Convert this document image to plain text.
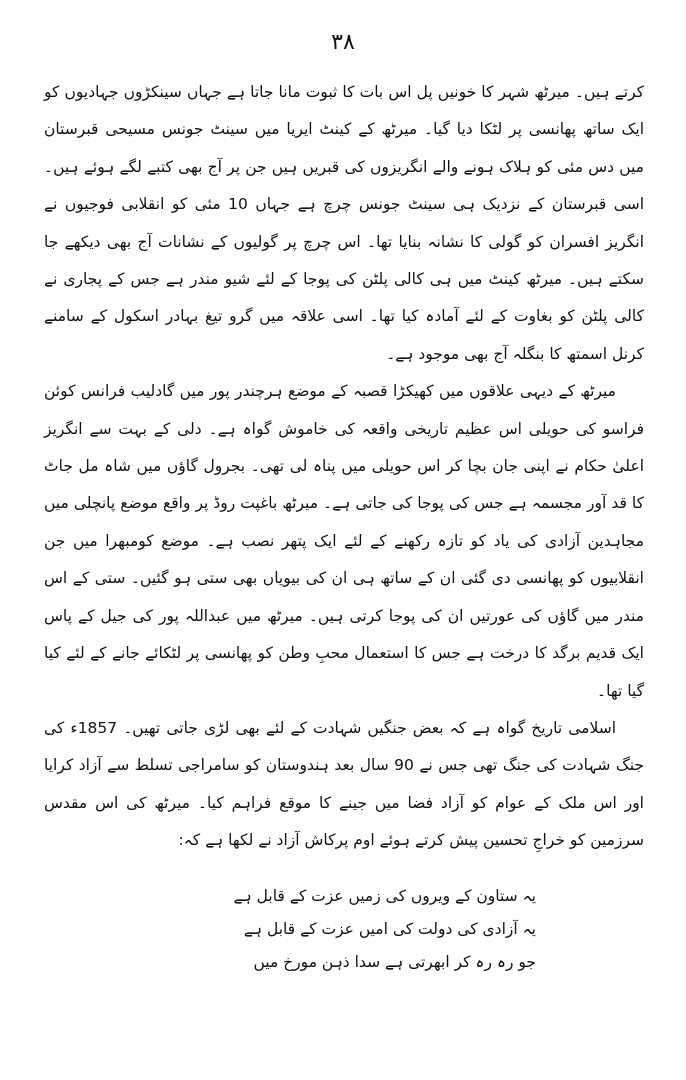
۳۸

کرتے ہیں۔ میرٹھ شہر کا خونیں پل اس بات کا ثبوت مانا جاتا ہے جہاں سینکڑوں جہادیوں کو ایک ساتھ پھانسی پر لٹکا دیا گیا۔ میرٹھ کے کینٹ ایریا میں سینٹ جونس مسیحی قبرستان میں دس مئی کو ہلاک ہونے والے انگریزوں کی قبریں ہیں جن پر آج بھی کتبے لگے ہوئے ہیں۔ اسی قبرستان کے نزدیک ہی سینٹ جونس چرچ ہے جہاں 10 مئی کو انقلابی فوجیوں نے انگریز افسران کو گولی کا نشانہ بنایا تھا۔ اس چرچ پر گولیوں کے نشانات آج بھی دیکھے جا سکتے ہیں۔ میرٹھ کینٹ میں ہی کالی پلٹن کی پوجا کے لئے شیو مندر ہے جس کے پجاری نے کالی پلٹن کو بغاوت کے لئے آمادہ کیا تھا۔ اسی علاقہ میں گرو تیغ بہادر اسکول کے سامنے کرنل اسمتھ کا بنگلہ آج بھی موجود ہے۔

میرٹھ کے دیہی علاقوں میں کھیکڑا قصبہ کے موضع ہرچندر پور میں گادلیب فرانس کوئن فراسو کی حویلی اس عظیم تاریخی واقعہ کی خاموش گواہ ہے۔ دلی کے بہت سے انگریز اعلیٰ حکام نے اپنی جان بچا کر اس حویلی میں پناہ لی تھی۔ بجرول گاؤں میں شاہ مل جاٹ کا قد آور مجسمہ ہے جس کی پوجا کی جاتی ہے۔ میرٹھ باغپت روڈ پر واقع موضع پانچلی میں مجاہدین آزادی کی یاد کو تازہ رکھنے کے لئے ایک پتھر نصب ہے۔ موضع کومبھرا میں جن انقلابیوں کو پھانسی دی گئی ان کے ساتھ ہی ان کی بیویاں بھی ستی ہو گئیں۔ ستی کے اس مندر میں گاؤں کی عورتیں ان کی پوجا کرتی ہیں۔ میرٹھ میں عبداللہ پور کی جیل کے پاس ایک قدیم برگد کا درخت ہے جس کا استعمال محبِ وطن کو پھانسی پر لٹکائے جانے کے لئے کیا گیا تھا۔

اسلامی تاریخ گواہ ہے کہ بعض جنگیں شہادت کے لئے بھی لڑی جاتی تھیں۔ 1857ء کی جنگ شہادت کی جنگ تھی جس نے 90 سال بعد ہندوستان کو سامراجی تسلط سے آزاد کرایا اور اس ملک کے عوام کو آزاد فضا میں جینے کا موقع فراہم کیا۔ میرٹھ کی اس مقدس سرزمین کو خراجِ تحسین پیش کرتے ہوئے اوم پرکاش آزاد نے لکھا ہے کہ:

یہ ستاون کے ویروں کی زمیں عزت کے قابل ہے

یہ آزادی کی دولت کی امیں عزت کے قابل ہے

جو رہ رہ کر ابھرتی ہے سدا ذہن مورخ میں
